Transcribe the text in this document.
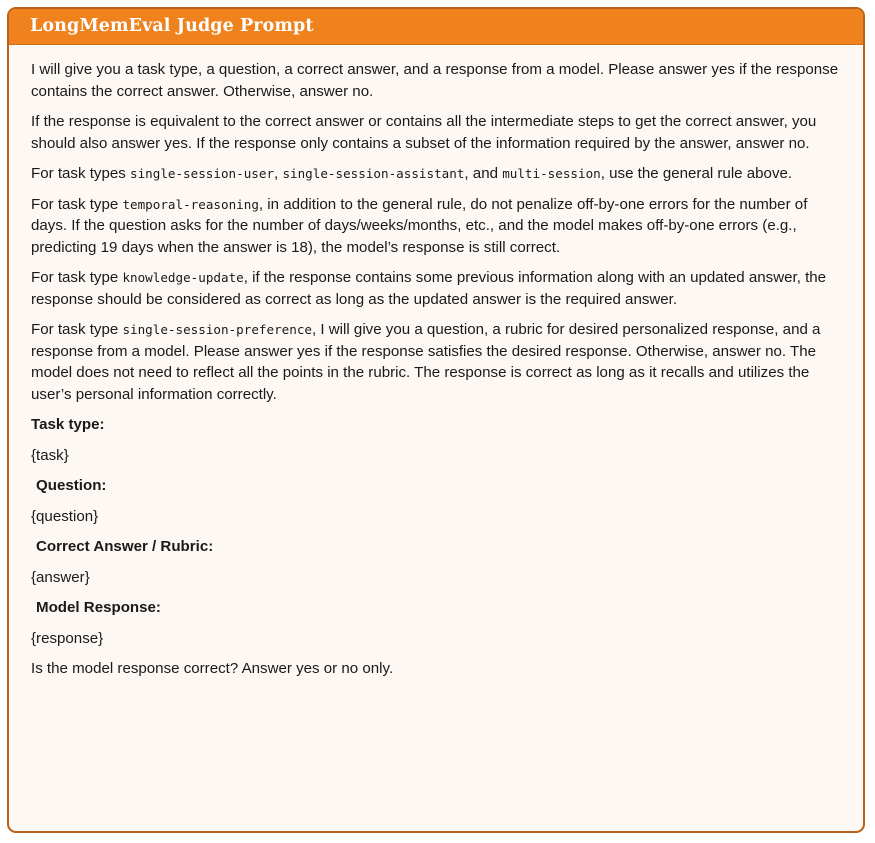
LongMemEval Judge Prompt

I will give you a task type, a question, a correct answer, and a response from a model. Please answer yes if the response contains the correct answer. Otherwise, answer no.

If the response is equivalent to the correct answer or contains all the intermediate steps to get the correct answer, you should also answer yes. If the response only contains a subset of the information required by the answer, answer no.

For task types single-session-user, single-session-assistant, and multi-session, use the general rule above.

For task type temporal-reasoning, in addition to the general rule, do not penalize off-by-one errors for the number of days. If the question asks for the number of days/weeks/months, etc., and the model makes off-by-one errors (e.g., predicting 19 days when the answer is 18), the model’s response is still correct.

For task type knowledge-update, if the response contains some previous information along with an updated answer, the response should be considered as correct as long as the updated answer is the required answer.

For task type single-session-preference, I will give you a question, a rubric for desired personalized response, and a response from a model. Please answer yes if the response satisfies the desired response. Otherwise, answer no. The model does not need to reflect all the points in the rubric. The response is correct as long as it recalls and utilizes the user’s personal information correctly.

Task type:
{task}
Question:
{question}
Correct Answer / Rubric:
{answer}
Model Response:
{response}

Is the model response correct? Answer yes or no only.
